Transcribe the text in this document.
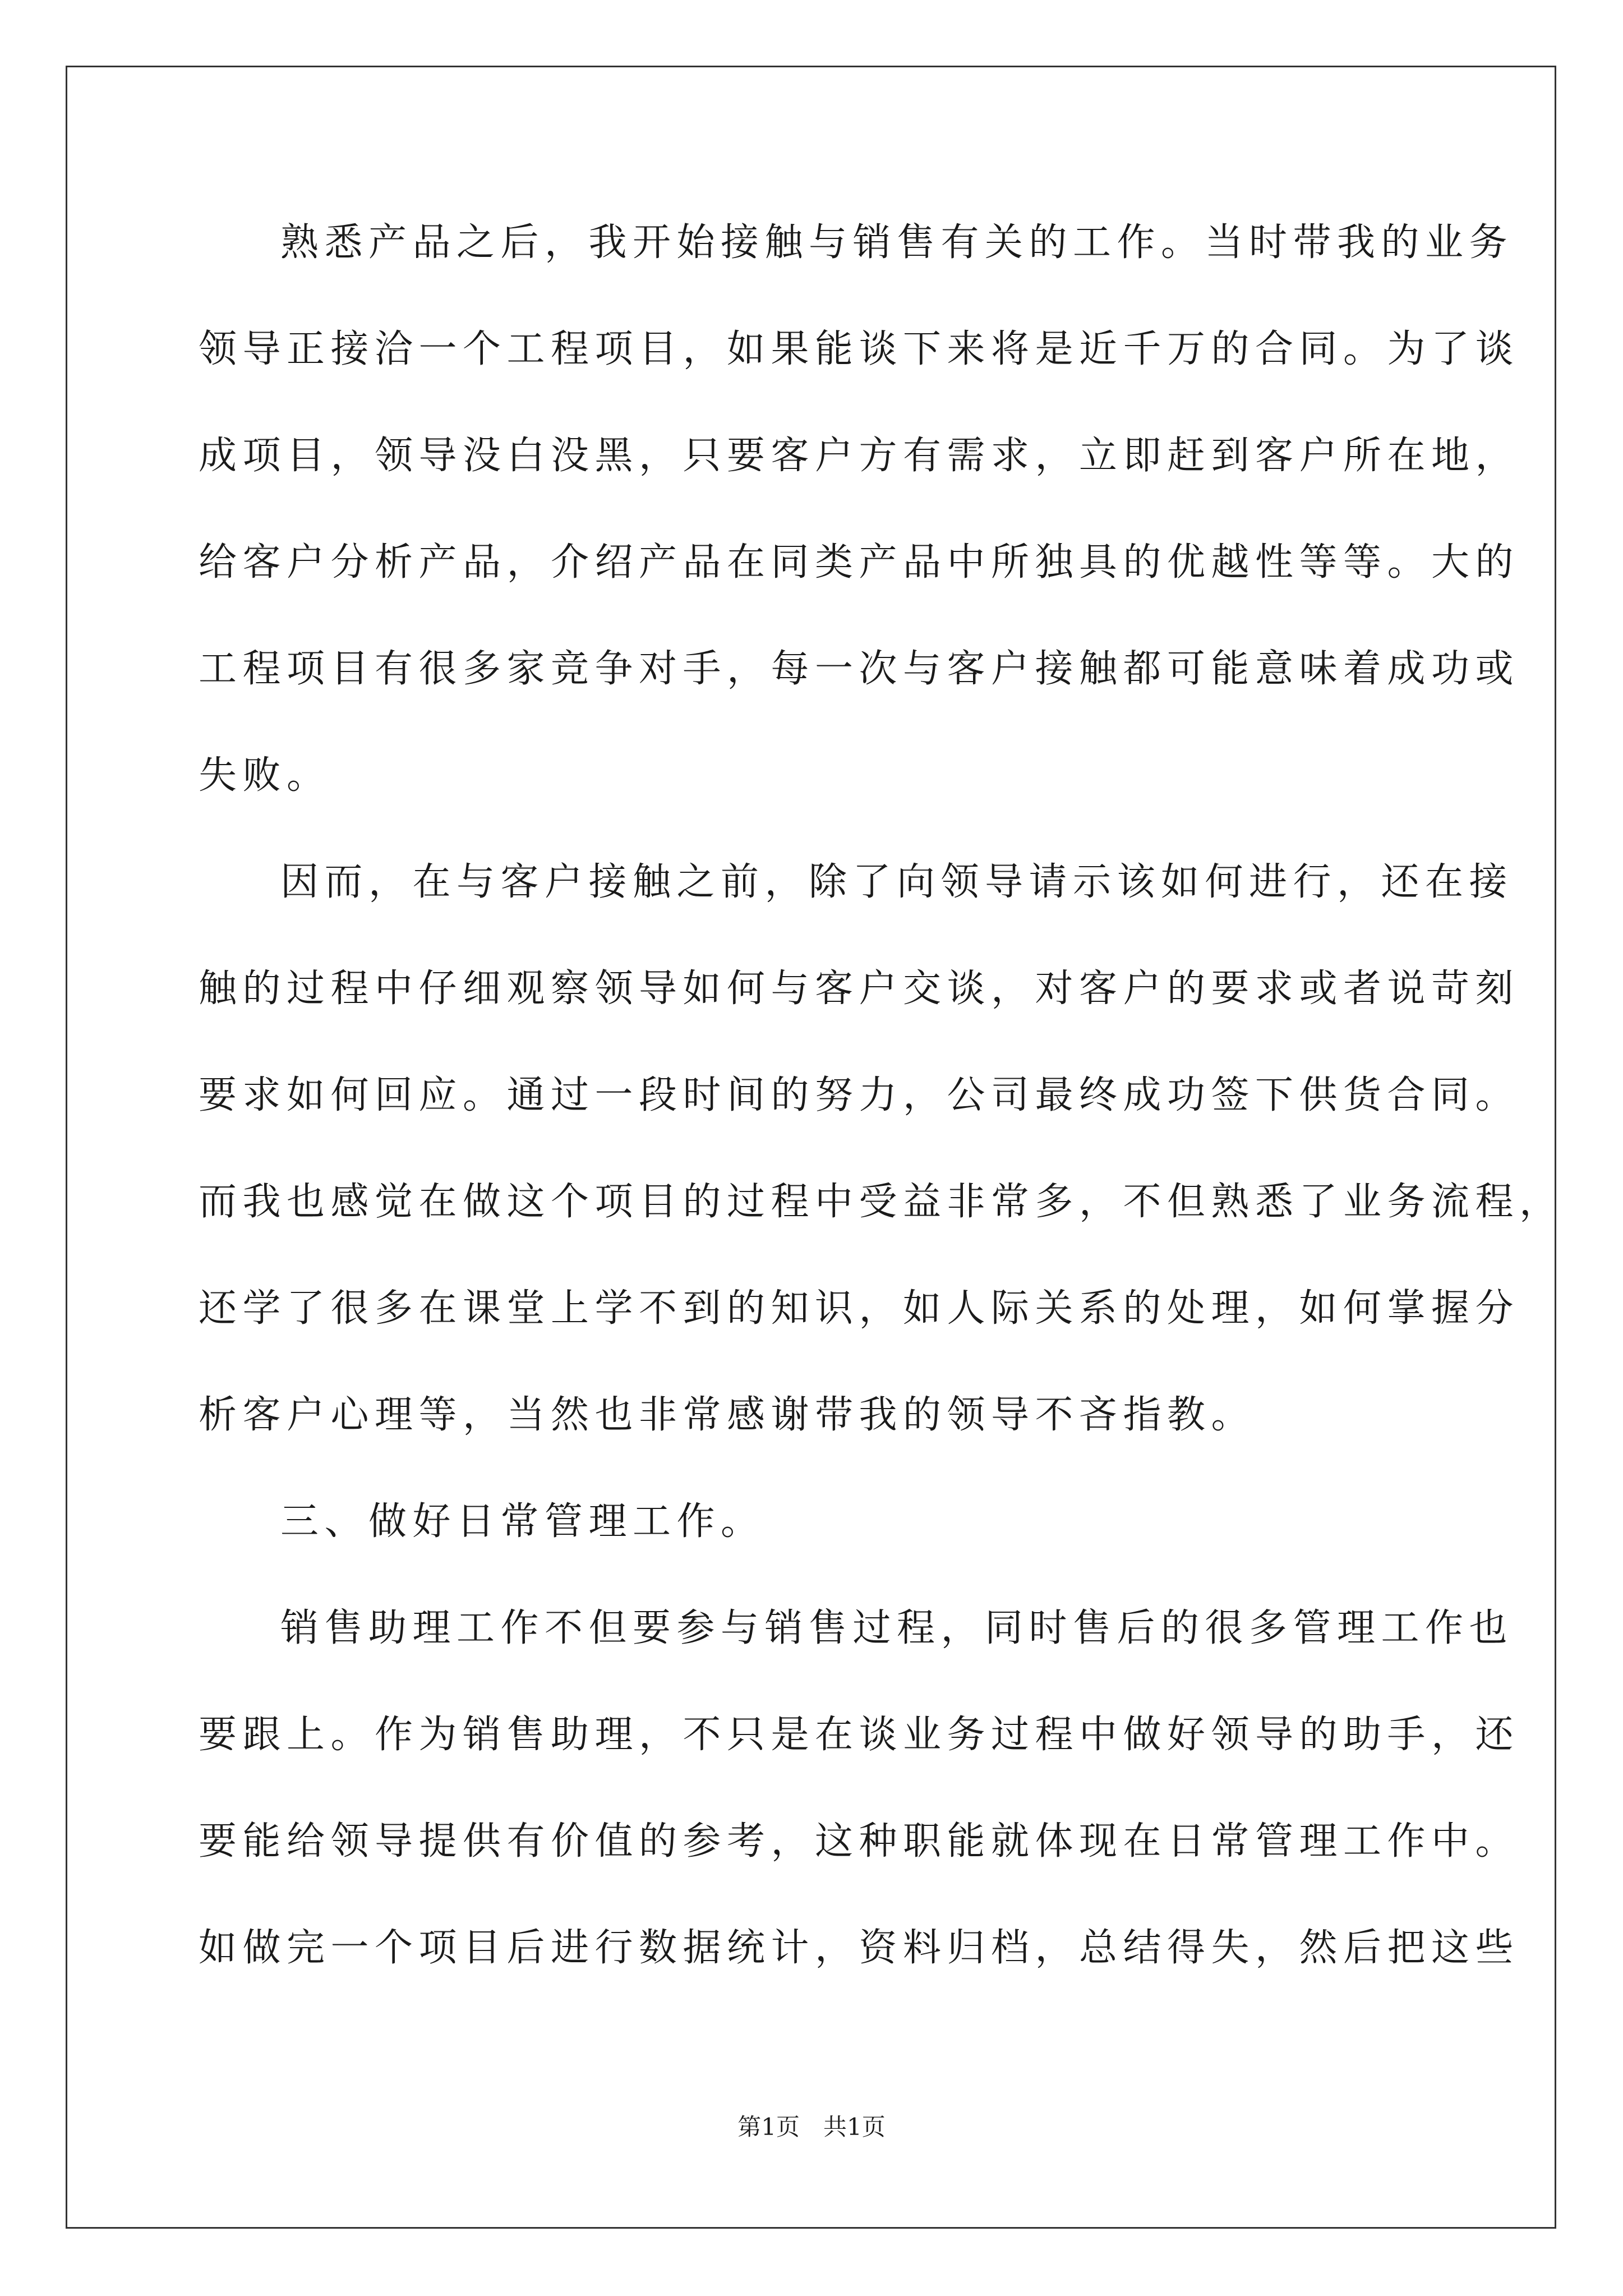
熟悉产品之后，我开始接触与销售有关的工作。当时带我的业务
领导正接洽一个工程项目，如果能谈下来将是近千万的合同。为了谈
成项目，领导没白没黑，只要客户方有需求，立即赶到客户所在地，
给客户分析产品，介绍产品在同类产品中所独具的优越性等等。大的
工程项目有很多家竞争对手，每一次与客户接触都可能意味着成功或
失败。
因而，在与客户接触之前，除了向领导请示该如何进行，还在接
触的过程中仔细观察领导如何与客户交谈，对客户的要求或者说苛刻
要求如何回应。通过一段时间的努力，公司最终成功签下供货合同。
而我也感觉在做这个项目的过程中受益非常多，不但熟悉了业务流程，
还学了很多在课堂上学不到的知识，如人际关系的处理，如何掌握分
析客户心理等，当然也非常感谢带我的领导不吝指教。
三、做好日常管理工作。
销售助理工作不但要参与销售过程，同时售后的很多管理工作也
要跟上。作为销售助理，不只是在谈业务过程中做好领导的助手，还
要能给领导提供有价值的参考，这种职能就体现在日常管理工作中。
如做完一个项目后进行数据统计，资料归档，总结得失，然后把这些
第1页　共1页
